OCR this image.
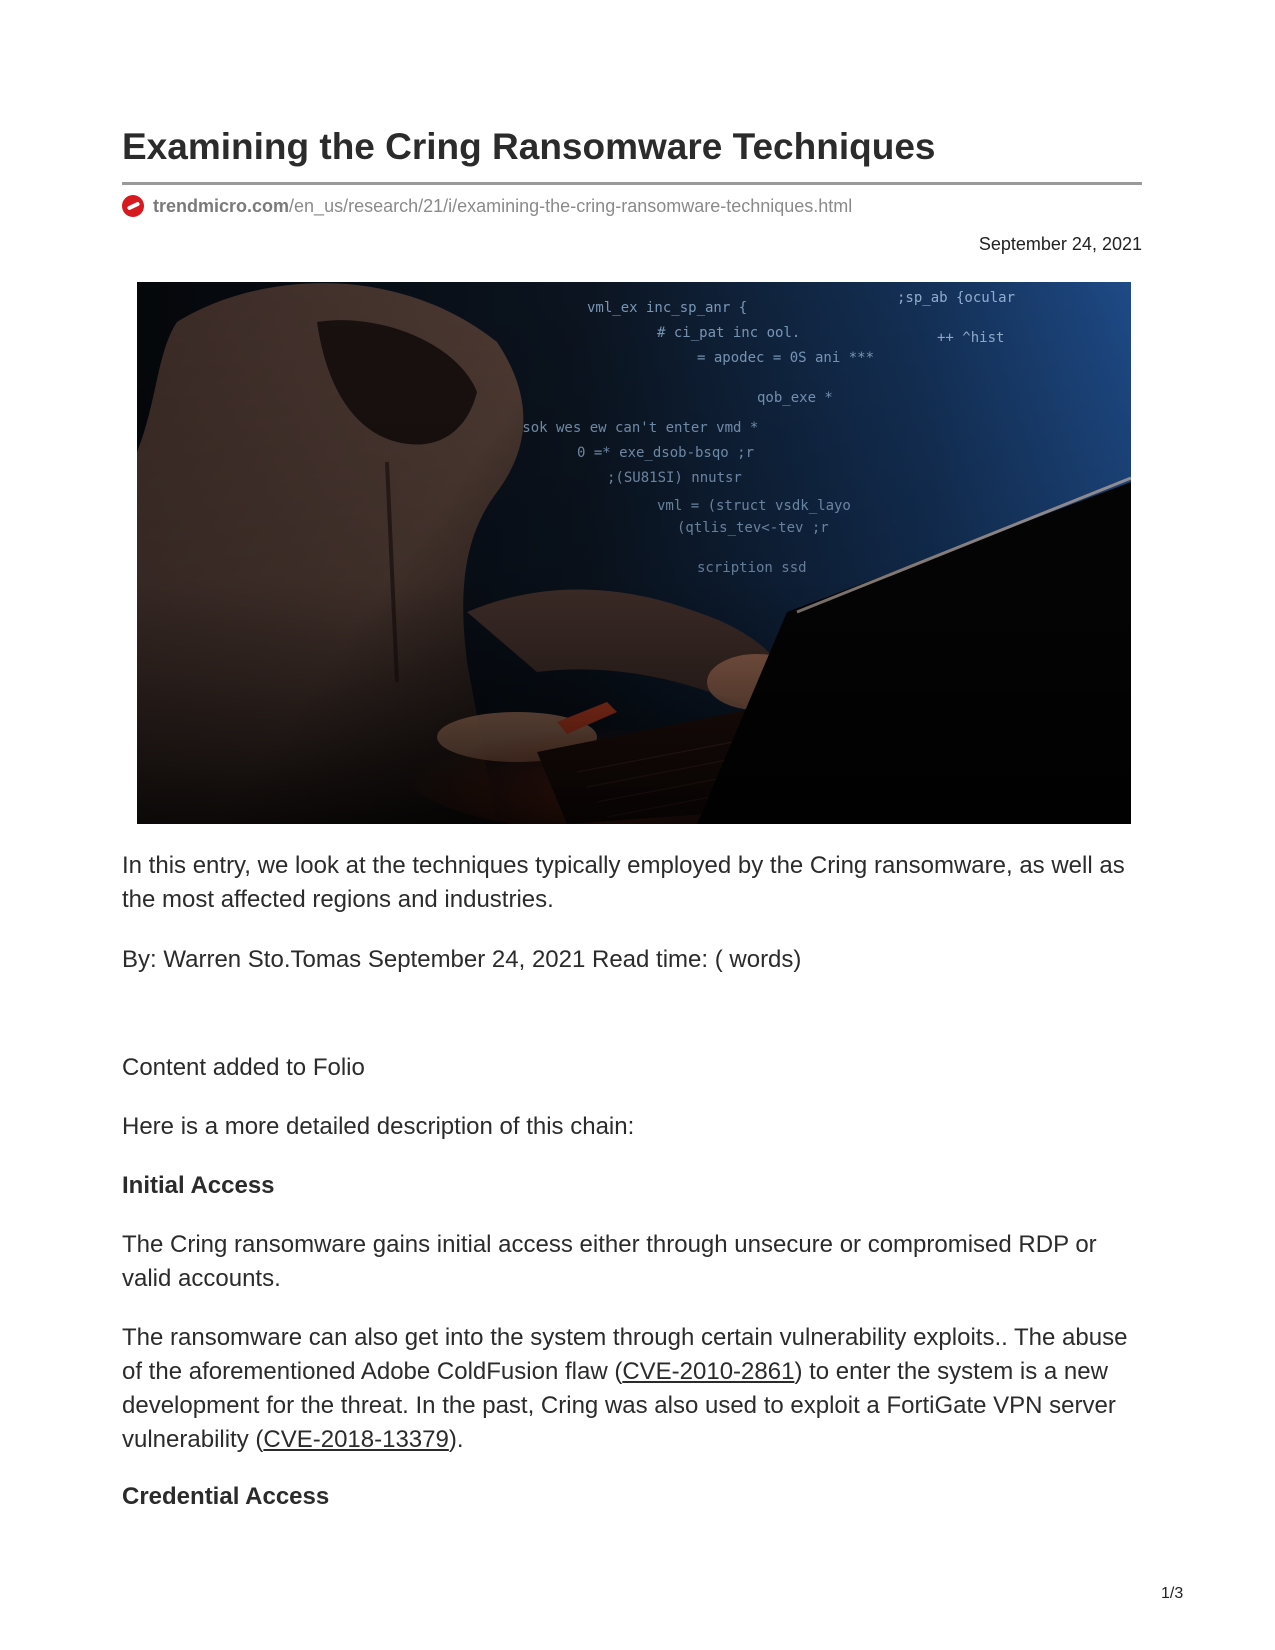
Examining the Cring Ransomware Techniques
trendmicro.com /en_us/research/21/i/examining-the-cring-ransomware-techniques.html
September 24, 2021
In this entry, we look at the techniques typically employed by the Cring ransomware, as well as the most affected regions and industries.
By: Warren Sto.Tomas September 24, 2021 Read time: ( words)
Content added to Folio
Here is a more detailed description of this chain:
Initial Access
The Cring ransomware gains initial access either through unsecure or compromised RDP or valid accounts.
The ransomware can also get into the system through certain vulnerability exploits.. The abuse of the aforementioned Adobe ColdFusion flaw (CVE-2010-2861) to enter the system is a new development for the threat. In the past, Cring was also used to exploit a FortiGate VPN server vulnerability (CVE-2018-13379).
Credential Access
1/3
